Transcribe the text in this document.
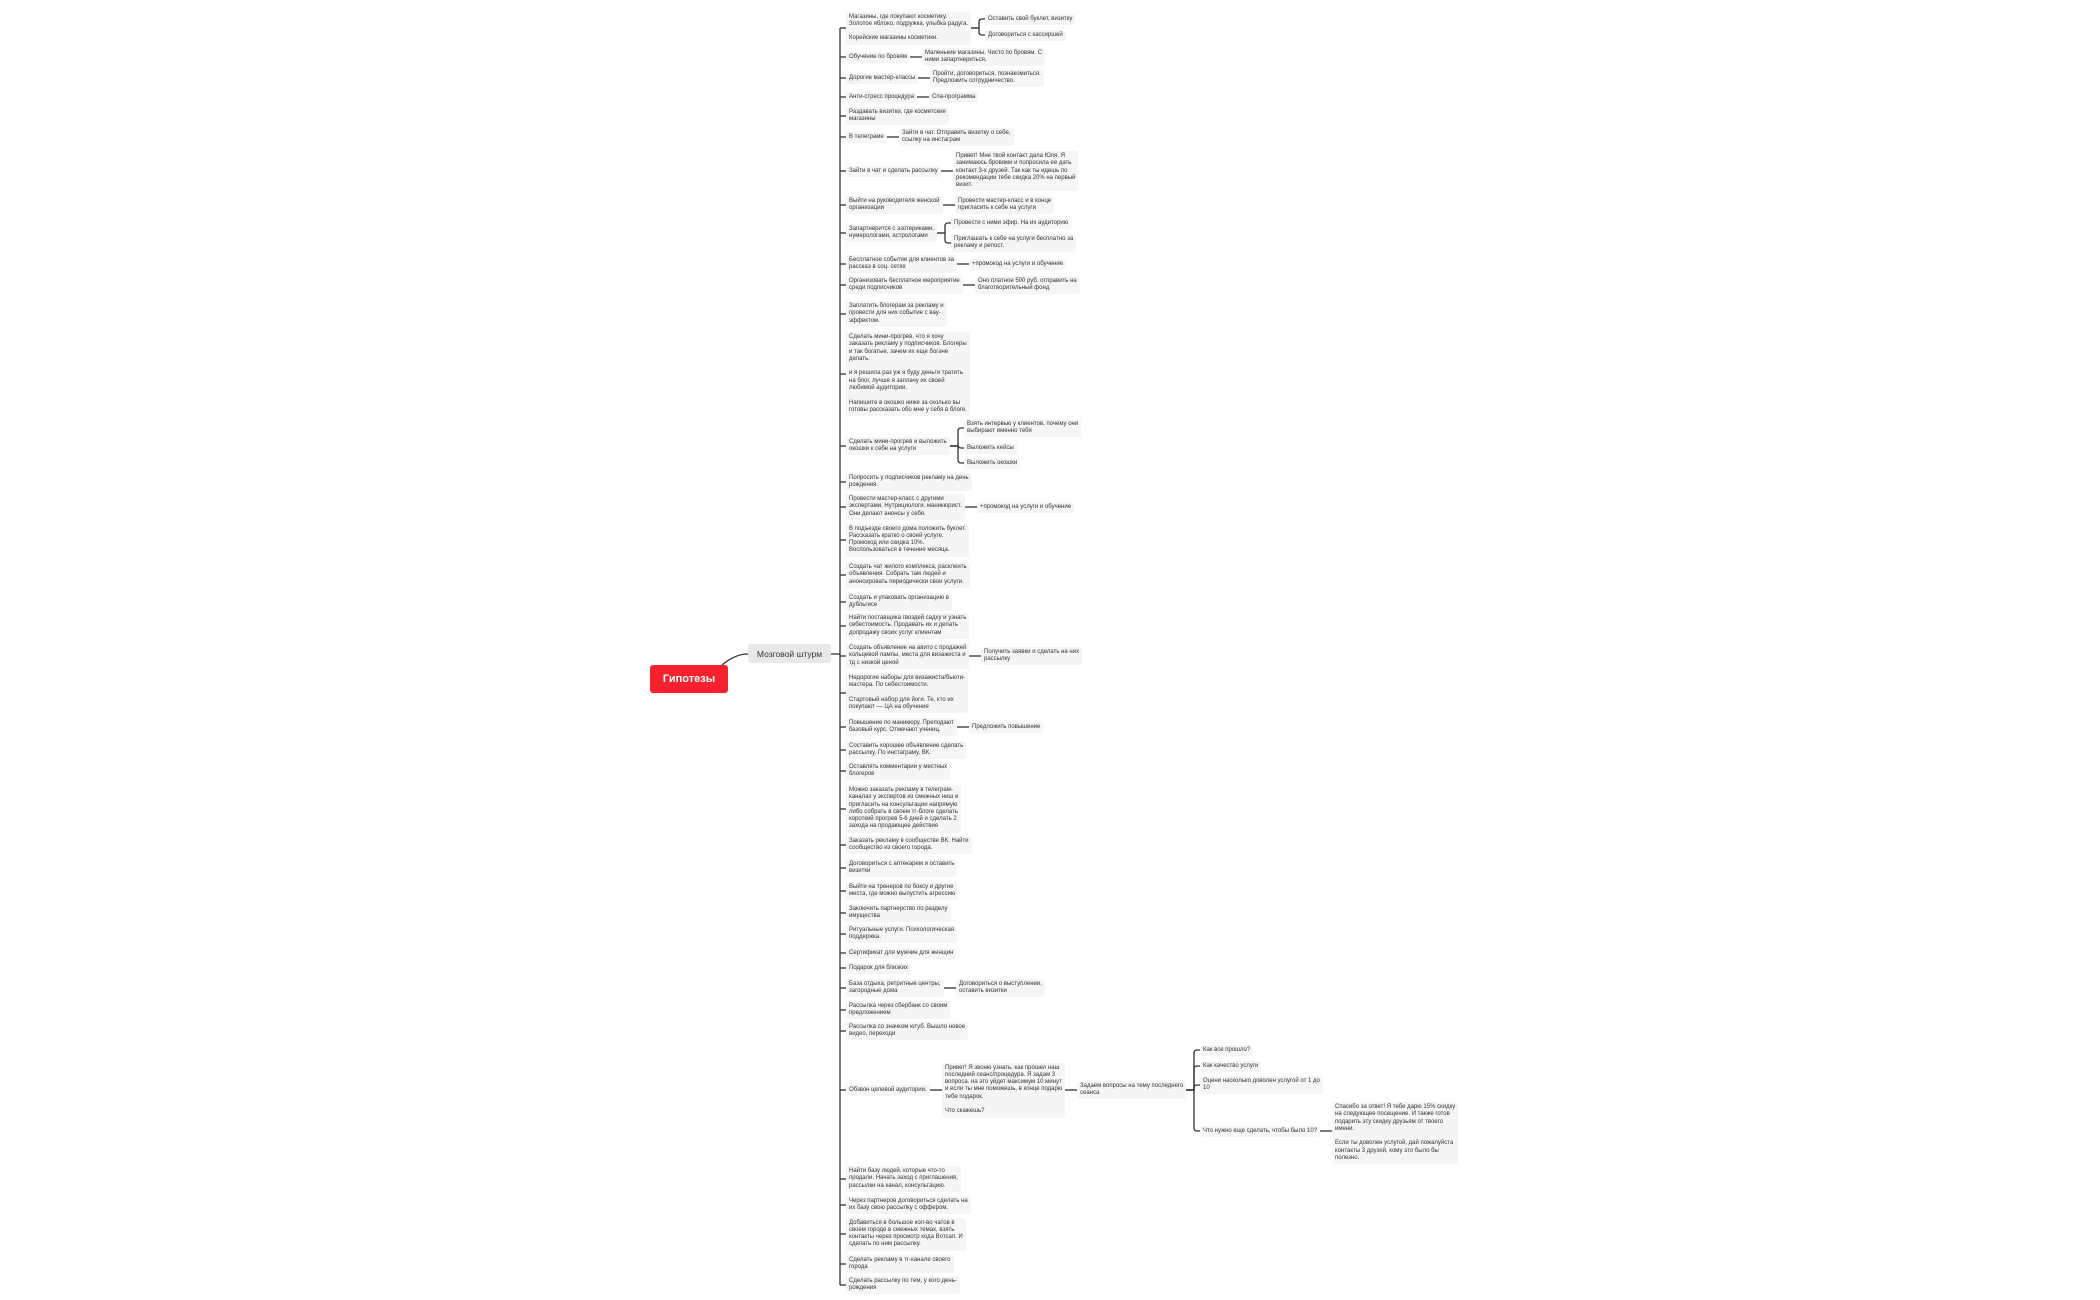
Гипотезы
Мозговой штурм
Магазины, где покупают косметику.
Золотое яблоко, подружка, улыбка радуга.

Корейские магазины косметики.
Оставить свой буклет, визитку
Договориться с кассиршей
Обучение по бровям
Маленькие магазины. Чисто по бровям. С
ними запартнериться.
Дорогие мастер-классы
Пройти, договориться, познакомиться.
Предложить сотрудничество.
Анти-стресс процедура	Спа-программа
Раздавать визитки, где косметские
магазины
В телеграме
Зайти в чат. Отправить визитку о себе,
ссылку на инстаграм
Зайти в чат и сделать рассылку
Привет! Мне твой контакт дала Юля. Я
занимаюсь бровями и попросила ее дать
контакт 3-х друзей. Так как ты идешь по
рекомендации тебе скидка 20% на первый
визит.
Выйти на руководителя женской
организации
Провести мастер-класс и в конце
пригласить к себе на услуги
Запартнерится с эзотериками,
нумерологами, астрологами
Провести с ними эфир. На их аудиторию
Приглашать к себе на услуги бесплатно за
рекламу и репост.
Бесплатное событие для клиентов за
расскаэ в соц. сетях
+промокод на услуги и обучение
Организовать бесплатное мероприятие
среди подписчиков
Оно платное 500 руб. отправить на
благотворительный фонд
Заплатить блогерам за рекламу и
провести для них событие с вау-
эффектом.
Сделать мини-прогрев, что я хочу
заказать рекламу у подписчиков. Блогеры
и так богатые, зачем их еще богаче
делать.

и я решила раз уж я буду деньги тратить
на блог, лучше я заплачу их своей
любимой аудитории.

Напишите в окошко ниже за сколько вы
готовы рассказать обо мне у себя в блоге.
Сделать мини-прогрев и выложить
окошки к себе на услуги
Взять интервью у клиентов, почему они
выбирают именно тебя
Выложить кейсы
Выложить окошки
Попросить у подписчиков рекламу на день
рождения.
Провести мастер-класс с другими
экспертами. Нутрициологи, маникюрист.
Они делают анонсы у себя.
+промокод на услуги и обучение
В подъезде своего дома положить буклет.
Рассказать кратко о своей услуге.
Промокод или скидка 10%.
Воспользоваться в течение месяца.
Создать чат жилого комплекса, расклеить
объявления. Собрать там людей и
анонсировать периодически свои услуги.
Создать и упаковать организацию в
дубльгисе
Найти поставщика гвоздей садху и узнать
себестоимость. Продавать их и делать
допродажу своих услуг клиентам
Создать объявление на авито с продажей
кольцевой лампы, места для визажиста и
тд с низкой ценой
Получить заявки и сделать на них
рассылку
Недорогие наборы для визажиста/бьюти-
мастера. По себестоимости.

Стартовый набор для йоги. Те, кто их
покупают — ЦА на обучение
Повышение по маникюру. Преподают
базовый курс. Отмечают учениц.
Предложить повышение
Составить хорошее объявление сделать
рассылку. По инстаграму, ВК.
Оставлять комментарии у местных
блогеров
Можно заказать рекламу в телеграм-
каналах у экспертов из смежных ниш и
пригласить на консультации напрямую
либо собрать в своем тг-блоге сделать
короткий прогрев 5-6 дней и сделать 2
захода на продающее действие
Заказать рекламу в сообществе ВК. Найти
сообщество из своего города.
Договориться с аптекарем и оставить
визитки
Выйти на тренеров по боксу и другие
места, где можно выпустить агрессию
Заключить партнерство по разделу
имущества
Ритуальные услуги. Психологическая
поддержка.
Сертификат для мужчин для женщин
Подарок для близких
База отдыха, ретритные центры,
загородные дома
Договориться о выступлении,
оставить визитки
Рассылка через сбербанк со своим
предложением
Рассылка со значком ютуб. Вышло новое
видео, переходи
Обзвон целевой аудитории.
Привет! Я звоню узнать, как прошел наш
последний сеанс/процедура. Я задам 3
вопроса. на это уйдет максимум 10 минут
и если ты мне поможешь, в конце подарю
тебе подарок.

Что скажешь?
Задаем вопросы на тему последнего
сеанса
Как все прошло?
Как качество услуги
Оцени насколько доволен услугой от 1 до
10
Что нужно еще сделать, чтобы было 10?
Спасибо за ответ! Я тебе дарю 15% скидку
на следующее посещение. И также готов
подарить эту скидку друзьям от твоего
имени.

Если ты доволен услугой, дай пожалуйста
контакты 3 друзей, кому это было бы
полезно.
Найти базу людей, которые что-то
продали. Начать заход с приглашения,
рассылки на канал, консультацию.
Через партнеров договориться сделать на
их базу свою рассылку с оффером.
Добавиться в большое кол-во чатов в
своем городе в смежных темах, взять
контакты через просмотр кода Вотсап. И
сделать по ним рассылку.
Сделать рекламу в тг-канале своего
города
Сделать рассылку по тем, у кого день-
рождения
